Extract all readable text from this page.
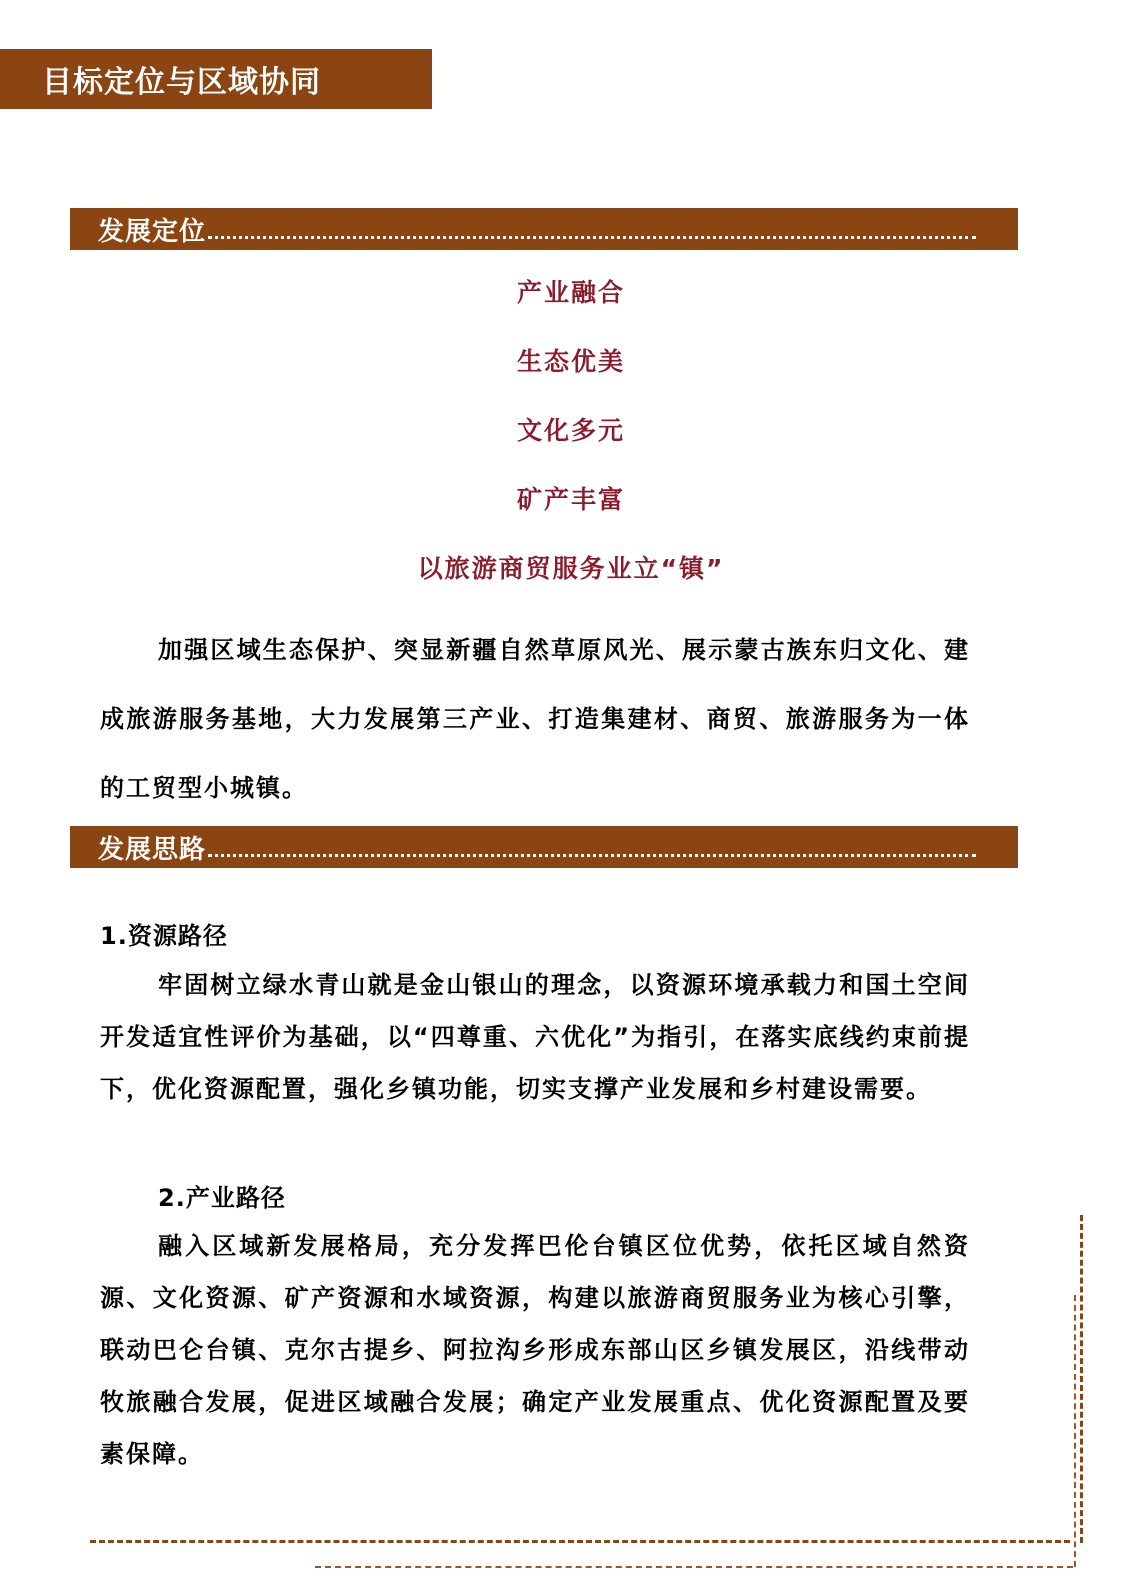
目标定位与区域协同
发展定位
产业融合
生态优美
文化多元
矿产丰富
以旅游商贸服务业立“镇”

加强区域生态保护、突显新疆自然草原风光、展示蒙古族东归文化、建成旅游服务基地，大力发展第三产业、打造集建材、商贸、旅游服务为一体的工贸型小城镇。

发展思路
1.资源路径

牢固树立绿水青山就是金山银山的理念，以资源环境承载力和国土空间开发适宜性评价为基础，以“四尊重、六优化”为指引，在落实底线约束前提下，优化资源配置，强化乡镇功能，切实支撑产业发展和乡村建设需要。

2.产业路径

融入区域新发展格局，充分发挥巴伦台镇区位优势，依托区域自然资源、文化资源、矿产资源和水域资源，构建以旅游商贸服务业为核心引擎，联动巴仑台镇、克尔古提乡、阿拉沟乡形成东部山区乡镇发展区，沿线带动牧旅融合发展，促进区域融合发展；确定产业发展重点、优化资源配置及要素保障。
